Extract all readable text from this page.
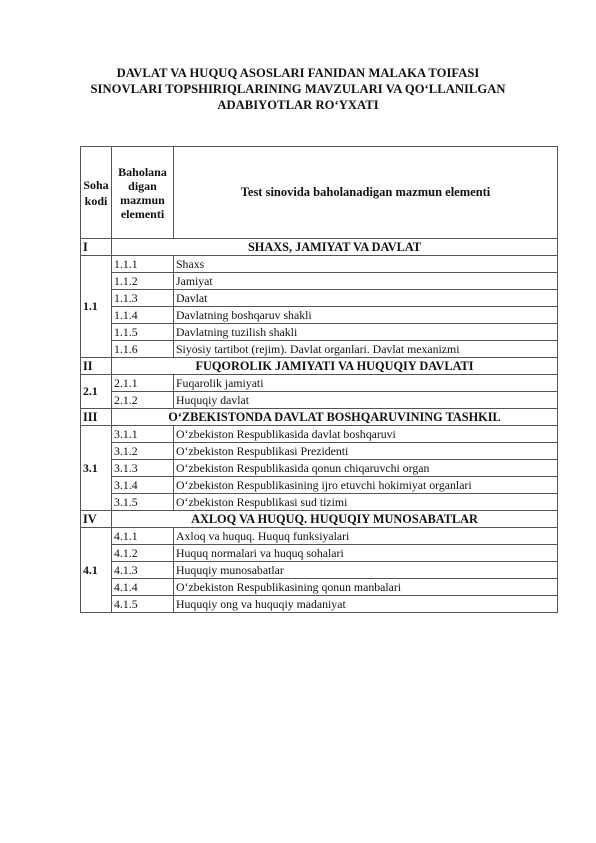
DAVLAT VA HUQUQ ASOSLARI FANIDAN MALAKA TOIFASI
SINOVLARI TOPSHIRIQLARINING MAVZULARI VA QO‘LLANILGAN
ADABIYOTLAR RO‘YXATI
Soha kodi	Baholana digan mazmun elementi	Test sinovida baholanadigan mazmun elementi
I	SHAXS, JAMIYAT VA DAVLAT	
1.1	1.1.1	Shaxs
	1.1.2	Jamiyat
	1.1.3	Davlat
	1.1.4	Davlatning boshqaruv shakli
	1.1.5	Davlatning tuzilish shakli
	1.1.6	Siyosiy tartibot (rejim). Davlat organlari. Davlat mexanizmi
II	FUQOROLIK JAMIYATI VA HUQUQIY DAVLATI	
2.1	2.1.1	Fuqarolik jamiyati
	2.1.2	Huquqiy davlat
III	O‘ZBEKISTONDA DAVLAT BOSHQARUVINING TASHKIL	
3.1	3.1.1	O‘zbekiston Respublikasida davlat boshqaruvi
	3.1.2	O‘zbekiston Respublikasi Prezidenti
	3.1.3	O‘zbekiston Respublikasida qonun chiqaruvchi organ
	3.1.4	O‘zbekiston Respublikasining ijro etuvchi hokimiyat organlari
	3.1.5	O‘zbekiston Respublikasi sud tizimi
IV	AXLOQ VA HUQUQ. HUQUQIY MUNOSABATLAR	
4.1	4.1.1	Axloq va huquq. Huquq funksiyalari
	4.1.2	Huquq normalari va huquq sohalari
	4.1.3	Huquqiy munosabatlar
	4.1.4	O‘zbekiston Respublikasining qonun manbalari
	4.1.5	Huquqiy ong va huquqiy madaniyat
